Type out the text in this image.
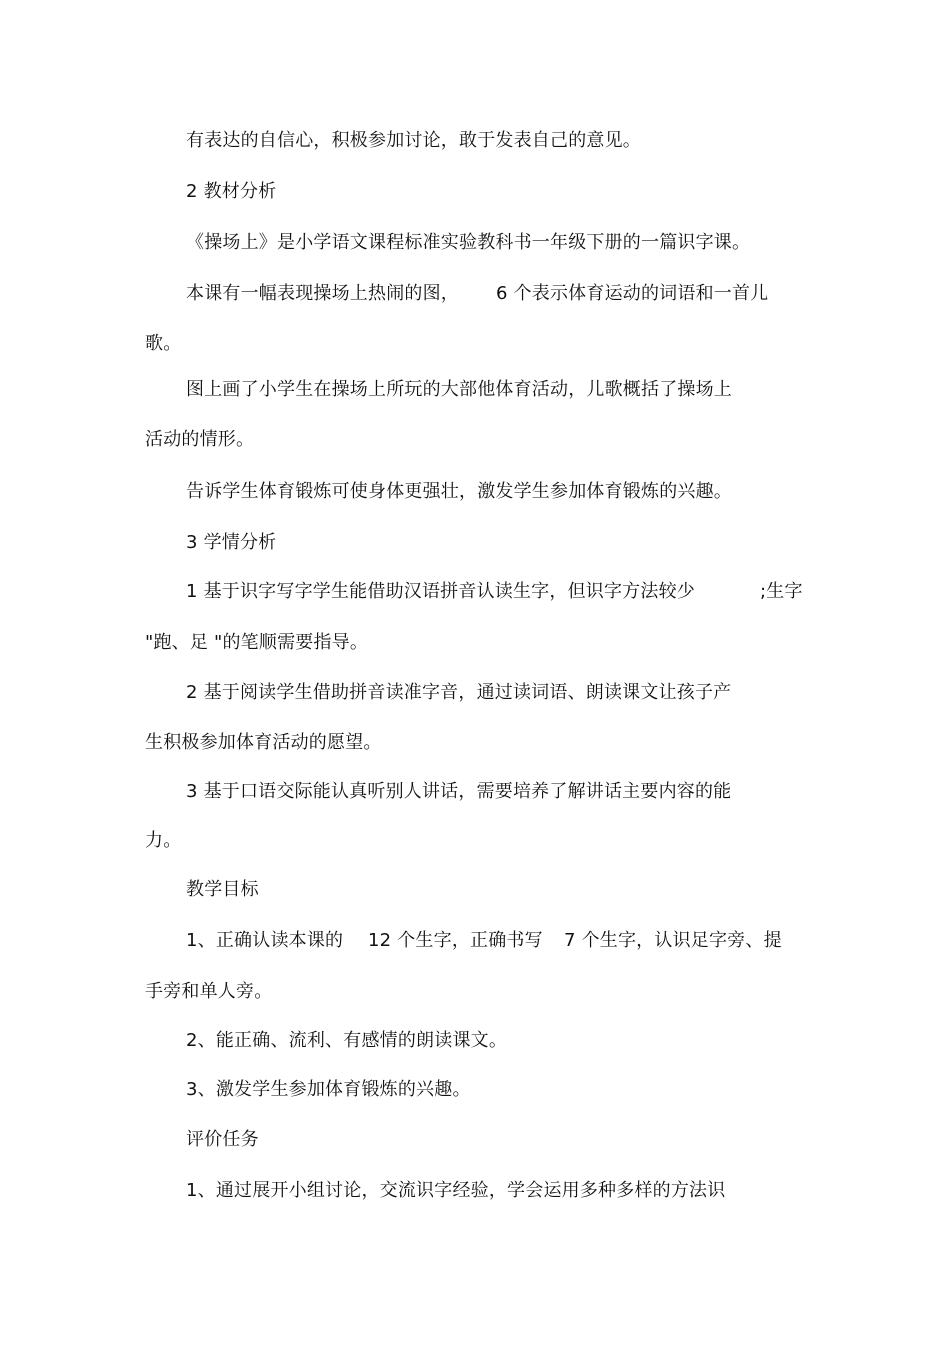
有表达的自信心，积极参加讨论，敢于发表自己的意见。
2 教材分析
《操场上》是小学语文课程标准实验教科书一年级下册的一篇识字课。
本课有一幅表现操场上热闹的图， 6 个表示体育运动的词语和一首儿
歌。
图上画了小学生在操场上所玩的大部他体育活动，儿歌概括了操场上
活动的情形。
告诉学生体育锻炼可使身体更强壮，激发学生参加体育锻炼的兴趣。
3 学情分析
1 基于识字写字学生能借助汉语拼音认读生字，但识字方法较少	;生字
"跑、足 "的笔顺需要指导。
2 基于阅读学生借助拼音读准字音，通过读词语、朗读课文让孩子产
生积极参加体育活动的愿望。
3 基于口语交际能认真听别人讲话，需要培养了解讲话主要内容的能
力。
教学目标
1、正确认读本课的 12 个生字，正确书写 7 个生字，认识足字旁、提
手旁和单人旁。
2、能正确、流利、有感情的朗读课文。
3、激发学生参加体育锻炼的兴趣。
评价任务
1、通过展开小组讨论，交流识字经验，学会运用多种多样的方法识
